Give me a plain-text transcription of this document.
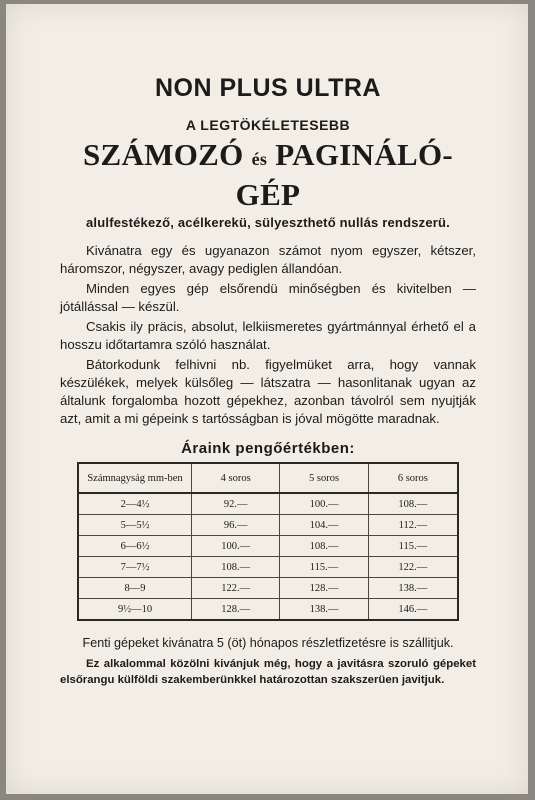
NON PLUS ULTRA
A LEGTÖKÉLETESEBB
SZÁMOZÓ és PAGINÁLÓ-GÉP
alulfestékező, acélkerekü, sülyeszthető nullás rendszerü.

Kivánatra egy és ugyanazon számot nyom egyszer, kétszer, háromszor, négyszer, avagy pediglen állandóan.

Minden egyes gép elsőrendü minőségben és kivitelben — jótállással — készül.

Csakis ily präcis, absolut, lelkiismeretes gyártmánnyal érhető el a hosszu időtartamra szóló használat.

Bátorkodunk felhivni nb. figyelmüket arra, hogy vannak készülékek, melyek külsőleg — látszatra — hasonlitanak ugyan az általunk forgalomba hozott gépekhez, azonban távolról sem nyujtják azt, amit a mi gépeink s tartósságban is jóval mögötte maradnak.

Áraink pengőértékben:
Számnagyság mm-ben	4 soros	5 soros	6 soros
2—4½	92.—	100.—	108.—
5—5½	96.—	104.—	112.—
6—6½	100.—	108.—	115.—
7—7½	108.—	115.—	122.—
8—9	122.—	128.—	138.—
9½—10	128.—	138.—	146.—
Fenti gépeket kivánatra 5 (öt) hónapos részletfizetésre is szállitjuk.
Ez alkalommal közölni kivánjuk még, hogy a javitásra szoruló gépeket elsőrangu külföldi szakemberünkkel határozottan szakszerüen javitjuk.
